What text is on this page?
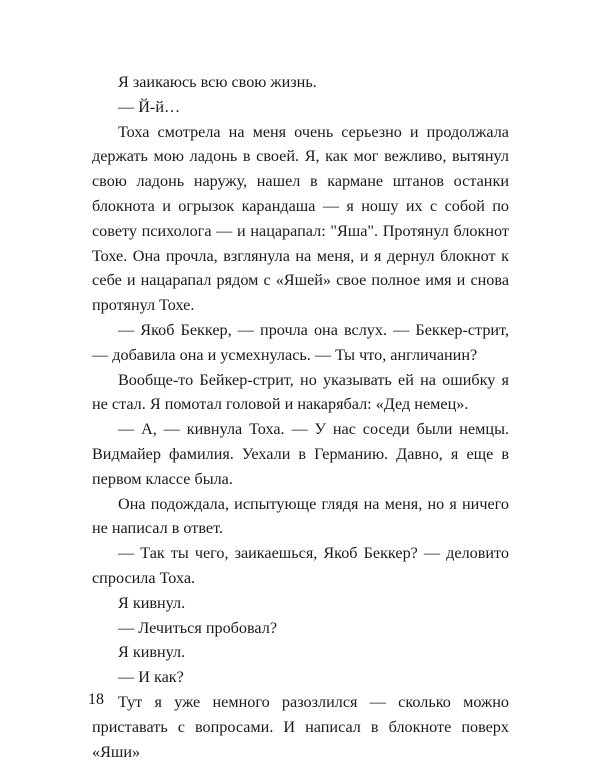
Я заикаюсь всю свою жизнь.

— Й-й…

Тоха смотрела на меня очень серьезно и продолжала держать мою ладонь в своей. Я, как мог вежливо, вытянул свою ладонь наружу, нашел в кармане штанов останки блокнота и огрызок карандаша — я ношу их с собой по совету психолога — и нацарапал: "Яша". Протянул блокнот Тохе. Она прочла, взглянула на меня, и я дернул блокнот к себе и нацарапал рядом с «Яшей» свое полное имя и снова протянул Тохе.

— Якоб Беккер, — прочла она вслух. — Беккер-стрит, — добавила она и усмехнулась. — Ты что, англичанин?

Вообще-то Бейкер-стрит, но указывать ей на ошибку я не стал. Я помотал головой и накарябал: «Дед немец».

— А, — кивнула Тоха. — У нас соседи были немцы. Видмайер фамилия. Уехали в Германию. Давно, я еще в первом классе была.

Она подождала, испытующе глядя на меня, но я ничего не написал в ответ.

— Так ты чего, заикаешься, Якоб Беккер? — деловито спросила Тоха.

Я кивнул.

— Лечиться пробовал?

Я кивнул.

— И как?

Тут я уже немного разозлился — сколько можно приставать с вопросами. И написал в блокноте поверх «Яши»

18
